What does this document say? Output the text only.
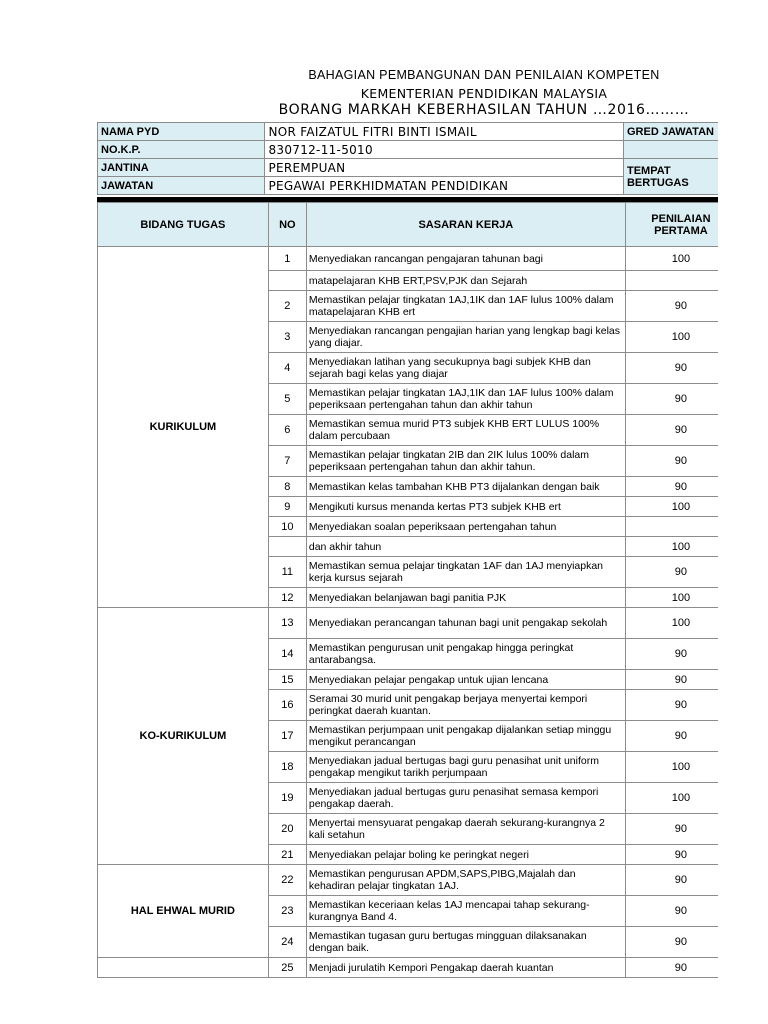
BAHAGIAN PEMBANGUNAN DAN PENILAIAN KOMPETEN
KEMENTERIAN PENDIDIKAN MALAYSIA
BORANG MARKAH KEBERHASILAN TAHUN …2016………
NAMA PYD	NOR FAIZATUL FITRI BINTI ISMAIL	GRED JAWATAN
NO.K.P.	830712-11-5010	
JANTINA	PEREMPUAN	TEMPAT BERTUGAS
JAWATAN	PEGAWAI PERKHIDMATAN PENDIDIKAN	
BIDANG TUGAS	NO	SASARAN KERJA	PENILAIAN PERTAMA
KURIKULUM	1	Menyediakan rancangan pengajaran tahunan bagi	100
		matapelajaran KHB ERT,PSV,PJK dan Sejarah	
	2	Memastikan pelajar tingkatan 1AJ,1IK dan 1AF lulus 100% dalam matapelajaran KHB ert	90
	3	Menyediakan rancangan pengajian harian yang lengkap bagi kelas yang diajar.	100
	4	Menyediakan latihan yang secukupnya bagi subjek KHB dan sejarah bagi kelas yang diajar	90
	5	Memastikan pelajar tingkatan 1AJ,1IK dan 1AF lulus 100% dalam peperiksaan pertengahan tahun dan akhir tahun	90
	6	Memastikan semua murid PT3 subjek KHB ERT LULUS 100% dalam percubaan	90
	7	Memastikan pelajar tingkatan 2IB dan 2IK lulus 100% dalam peperiksaan pertengahan tahun dan akhir tahun.	90
	8	Memastikan kelas tambahan KHB PT3 dijalankan dengan baik	90
	9	Mengikuti kursus menanda kertas PT3 subjek KHB ert	100
	10	Menyediakan soalan peperiksaan pertengahan tahun	
		dan akhir tahun	100
	11	Memastikan semua pelajar tingkatan 1AF dan 1AJ menyiapkan kerja kursus sejarah	90
	12	Menyediakan belanjawan bagi panitia PJK	100
KO-KURIKULUM	13	Menyediakan perancangan tahunan bagi unit pengakap sekolah	100
	14	Memastikan pengurusan unit pengakap hingga peringkat antarabangsa.	90
	15	Menyediakan pelajar pengakap untuk ujian lencana	90
	16	Seramai 30 murid unit pengakap berjaya menyertai kempori peringkat daerah kuantan.	90
	17	Memastikan perjumpaan unit pengakap dijalankan setiap minggu mengikut perancangan	90
	18	Menyediakan jadual bertugas bagi guru penasihat unit uniform pengakap mengikut tarikh perjumpaan	100
	19	Menyediakan jadual bertugas guru penasihat semasa kempori pengakap daerah.	100
	20	Menyertai mensyuarat pengakap daerah sekurang-kurangnya 2 kali setahun	90
	21	Menyediakan pelajar boling ke peringkat negeri	90
HAL EHWAL MURID	22	Memastikan pengurusan APDM,SAPS,PIBG,Majalah dan kehadiran pelajar tingkatan 1AJ.	90
	23	Memastikan keceriaan kelas 1AJ mencapai tahap sekurang-kurangnya Band 4.	90
	24	Memastikan tugasan guru bertugas mingguan dilaksanakan dengan baik.	90
	25	Menjadi jurulatih Kempori Pengakap daerah kuantan	90
